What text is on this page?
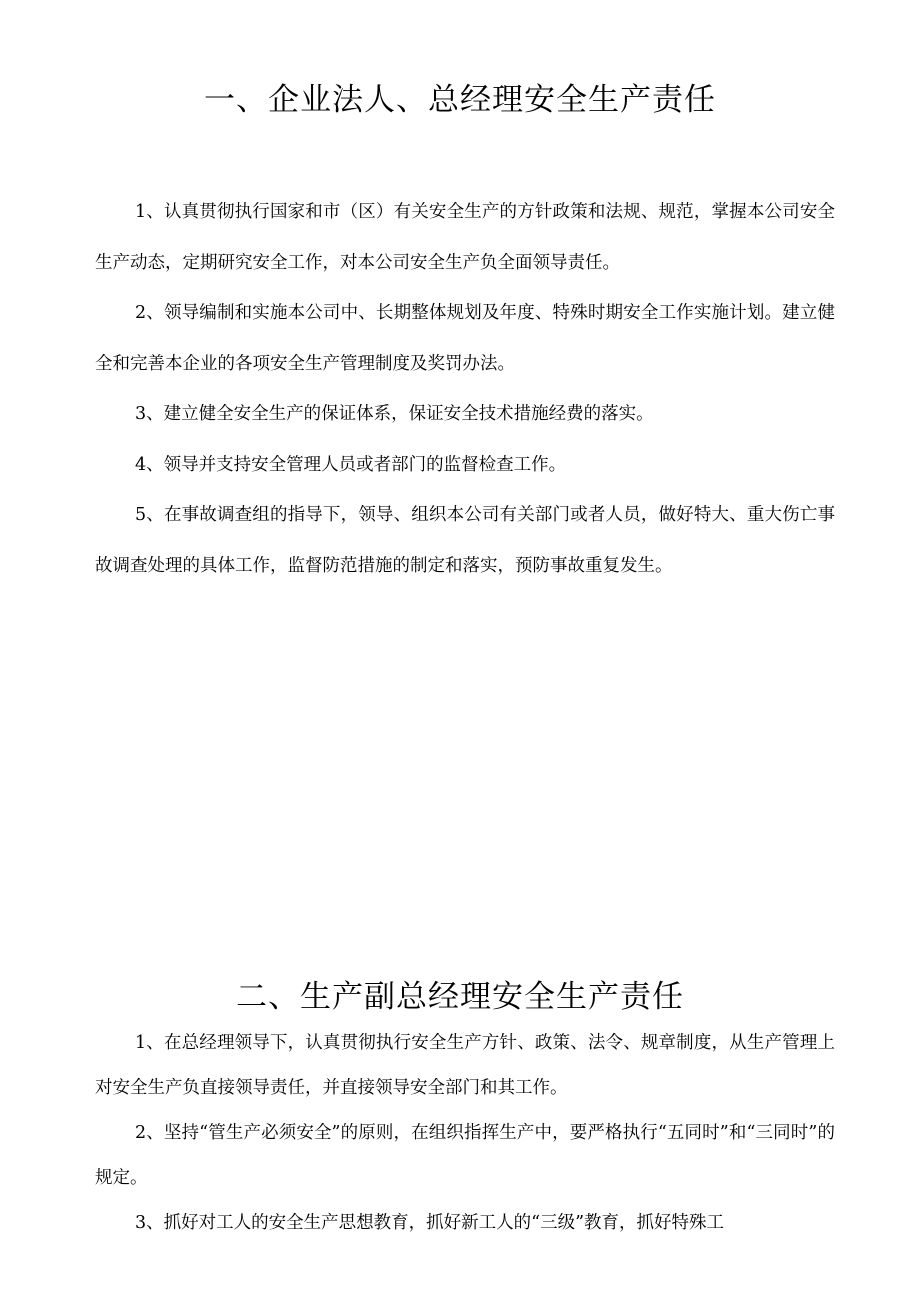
一、企业法人、总经理安全生产责任

1、认真贯彻执行国家和市（区）有关安全生产的方针政策和法规、规范，掌握本公司安全生产动态，定期研究安全工作，对本公司安全生产负全面领导责任。

2、领导编制和实施本公司中、长期整体规划及年度、特殊时期安全工作实施计划。建立健全和完善本企业的各项安全生产管理制度及奖罚办法。

3、建立健全安全生产的保证体系，保证安全技术措施经费的落实。

4、领导并支持安全管理人员或者部门的监督检查工作。

5、在事故调查组的指导下，领导、组织本公司有关部门或者人员，做好特大、重大伤亡事故调查处理的具体工作，监督防范措施的制定和落实，预防事故重复发生。

二、生产副总经理安全生产责任

1、在总经理领导下，认真贯彻执行安全生产方针、政策、法令、规章制度，从生产管理上对安全生产负直接领导责任，并直接领导安全部门和其工作。

2、坚持“管生产必须安全”的原则，在组织指挥生产中，要严格执行“五同时”和“三同时”的规定。

3、抓好对工人的安全生产思想教育，抓好新工人的“三级”教育，抓好特殊工
